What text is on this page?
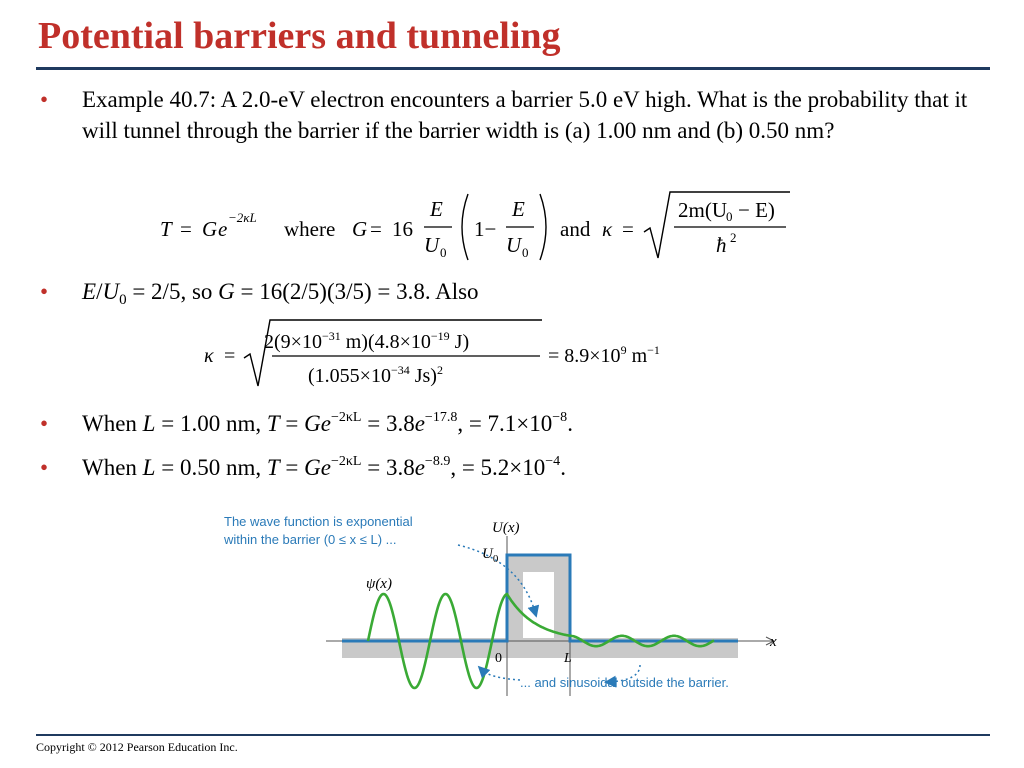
Potential barriers and tunneling
• Example 40.7: A 2.0-eV electron encounters a barrier 5.0 eV high. What is the probability that it will tunnel through the barrier if the barrier width is (a) 1.00 nm and (b) 0.50 nm?
T = G e −2κL where G = 16
E
U 0
1−
E
U 0
and κ =
2m(U 0 − E)
ħ 2
• $E/U_0 = 2/5$, so G = 16(2/5)(3/5) = 3.8. Also
κ =
$2(9\times 10^{-31}$ $m)(4.8\times 10^{-19}$ J)
($1.055\times 10^{-34}$ Js)$^2$
= $8.9\times 10^9$ $m^{-1}$
• When L = 1.00 nm, $T = Ge^{-2\kappa L} = 3.8e^{-17.8}$, = $7.1\times 10^{-8}$.
• When L = 0.50 nm, $T = Ge^{-2\kappa L} = 3.8e^{-8.9}$, = $5.2\times 10^{-4}$.
The wave function is exponential
within the barrier (0 ≤ x ≤ L) ...
... and sinusoidal outside the barrier.
U(x)
$U_0$
ψ(x)
x
0	L
Copyright © 2012 Pearson Education Inc.
